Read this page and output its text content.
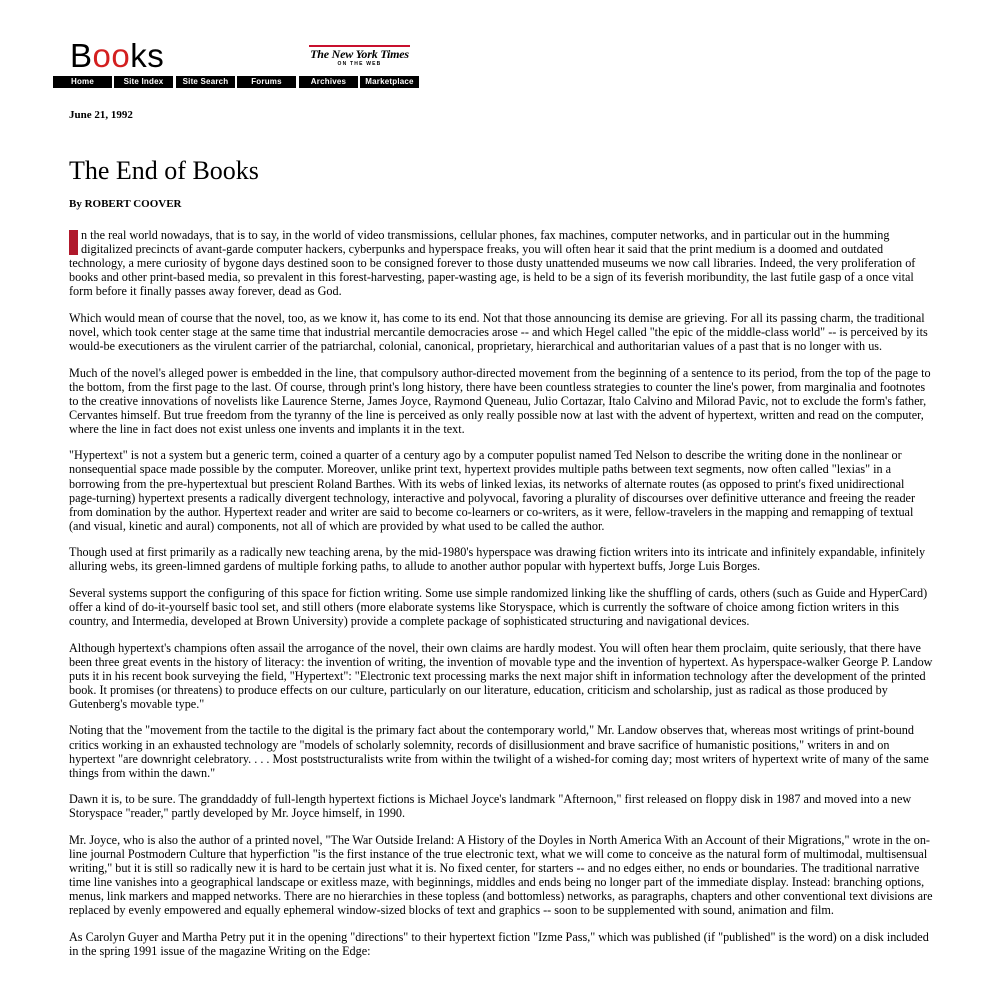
Books	The New York Times
ON THE WEB
Home	Site Index	Site Search	Forums	Archives	Marketplace

June 21, 1992

The End of Books

By ROBERT COOVER

n the real world nowadays, that is to say, in the world of video transmissions, cellular phones, fax machines, computer networks, and in particular out in the humming digitalized precincts of avant-garde computer hackers, cyberpunks and hyperspace freaks, you will often hear it said that the print medium is a doomed and outdated technology, a mere curiosity of bygone days destined soon to be consigned forever to those dusty unattended museums we now call libraries. Indeed, the very proliferation of books and other print-based media, so prevalent in this forest-harvesting, paper-wasting age, is held to be a sign of its feverish moribundity, the last futile gasp of a once vital form before it finally passes away forever, dead as God.

Which would mean of course that the novel, too, as we know it, has come to its end. Not that those announcing its demise are grieving. For all its passing charm, the traditional novel, which took center stage at the same time that industrial mercantile democracies arose -- and which Hegel called "the epic of the middle-class world" -- is perceived by its would-be executioners as the virulent carrier of the patriarchal, colonial, canonical, proprietary, hierarchical and authoritarian values of a past that is no longer with us.

Much of the novel's alleged power is embedded in the line, that compulsory author-directed movement from the beginning of a sentence to its period, from the top of the page to the bottom, from the first page to the last. Of course, through print's long history, there have been countless strategies to counter the line's power, from marginalia and footnotes to the creative innovations of novelists like Laurence Sterne, James Joyce, Raymond Queneau, Julio Cortazar, Italo Calvino and Milorad Pavic, not to exclude the form's father, Cervantes himself. But true freedom from the tyranny of the line is perceived as only really possible now at last with the advent of hypertext, written and read on the computer, where the line in fact does not exist unless one invents and implants it in the text.

"Hypertext" is not a system but a generic term, coined a quarter of a century ago by a computer populist named Ted Nelson to describe the writing done in the nonlinear or nonsequential space made possible by the computer. Moreover, unlike print text, hypertext provides multiple paths between text segments, now often called "lexias" in a borrowing from the pre-hypertextual but prescient Roland Barthes. With its webs of linked lexias, its networks of alternate routes (as opposed to print's fixed unidirectional page-turning) hypertext presents a radically divergent technology, interactive and polyvocal, favoring a plurality of discourses over definitive utterance and freeing the reader from domination by the author. Hypertext reader and writer are said to become co-learners or co-writers, as it were, fellow-travelers in the mapping and remapping of textual (and visual, kinetic and aural) components, not all of which are provided by what used to be called the author.

Though used at first primarily as a radically new teaching arena, by the mid-1980's hyperspace was drawing fiction writers into its intricate and infinitely expandable, infinitely alluring webs, its green-limned gardens of multiple forking paths, to allude to another author popular with hypertext buffs, Jorge Luis Borges.

Several systems support the configuring of this space for fiction writing. Some use simple randomized linking like the shuffling of cards, others (such as Guide and HyperCard) offer a kind of do-it-yourself basic tool set, and still others (more elaborate systems like Storyspace, which is currently the software of choice among fiction writers in this country, and Intermedia, developed at Brown University) provide a complete package of sophisticated structuring and navigational devices.

Although hypertext's champions often assail the arrogance of the novel, their own claims are hardly modest. You will often hear them proclaim, quite seriously, that there have been three great events in the history of literacy: the invention of writing, the invention of movable type and the invention of hypertext. As hyperspace-walker George P. Landow puts it in his recent book surveying the field, "Hypertext": "Electronic text processing marks the next major shift in information technology after the development of the printed book. It promises (or threatens) to produce effects on our culture, particularly on our literature, education, criticism and scholarship, just as radical as those produced by Gutenberg's movable type."

Noting that the "movement from the tactile to the digital is the primary fact about the contemporary world," Mr. Landow observes that, whereas most writings of print-bound critics working in an exhausted technology are "models of scholarly solemnity, records of disillusionment and brave sacrifice of humanistic positions," writers in and on hypertext "are downright celebratory. . . . Most poststructuralists write from within the twilight of a wished-for coming day; most writers of hypertext write of many of the same things from within the dawn."

Dawn it is, to be sure. The granddaddy of full-length hypertext fictions is Michael Joyce's landmark "Afternoon," first released on floppy disk in 1987 and moved into a new Storyspace "reader," partly developed by Mr. Joyce himself, in 1990.

Mr. Joyce, who is also the author of a printed novel, "The War Outside Ireland: A History of the Doyles in North America With an Account of their Migrations," wrote in the on-line journal Postmodern Culture that hyperfiction "is the first instance of the true electronic text, what we will come to conceive as the natural form of multimodal, multisensual writing," but it is still so radically new it is hard to be certain just what it is. No fixed center, for starters -- and no edges either, no ends or boundaries. The traditional narrative time line vanishes into a geographical landscape or exitless maze, with beginnings, middles and ends being no longer part of the immediate display. Instead: branching options, menus, link markers and mapped networks. There are no hierarchies in these topless (and bottomless) networks, as paragraphs, chapters and other conventional text divisions are replaced by evenly empowered and equally ephemeral window-sized blocks of text and graphics -- soon to be supplemented with sound, animation and film.

As Carolyn Guyer and Martha Petry put it in the opening "directions" to their hypertext fiction "Izme Pass," which was published (if "published" is the word) on a disk included in the spring 1991 issue of the magazine Writing on the Edge:
